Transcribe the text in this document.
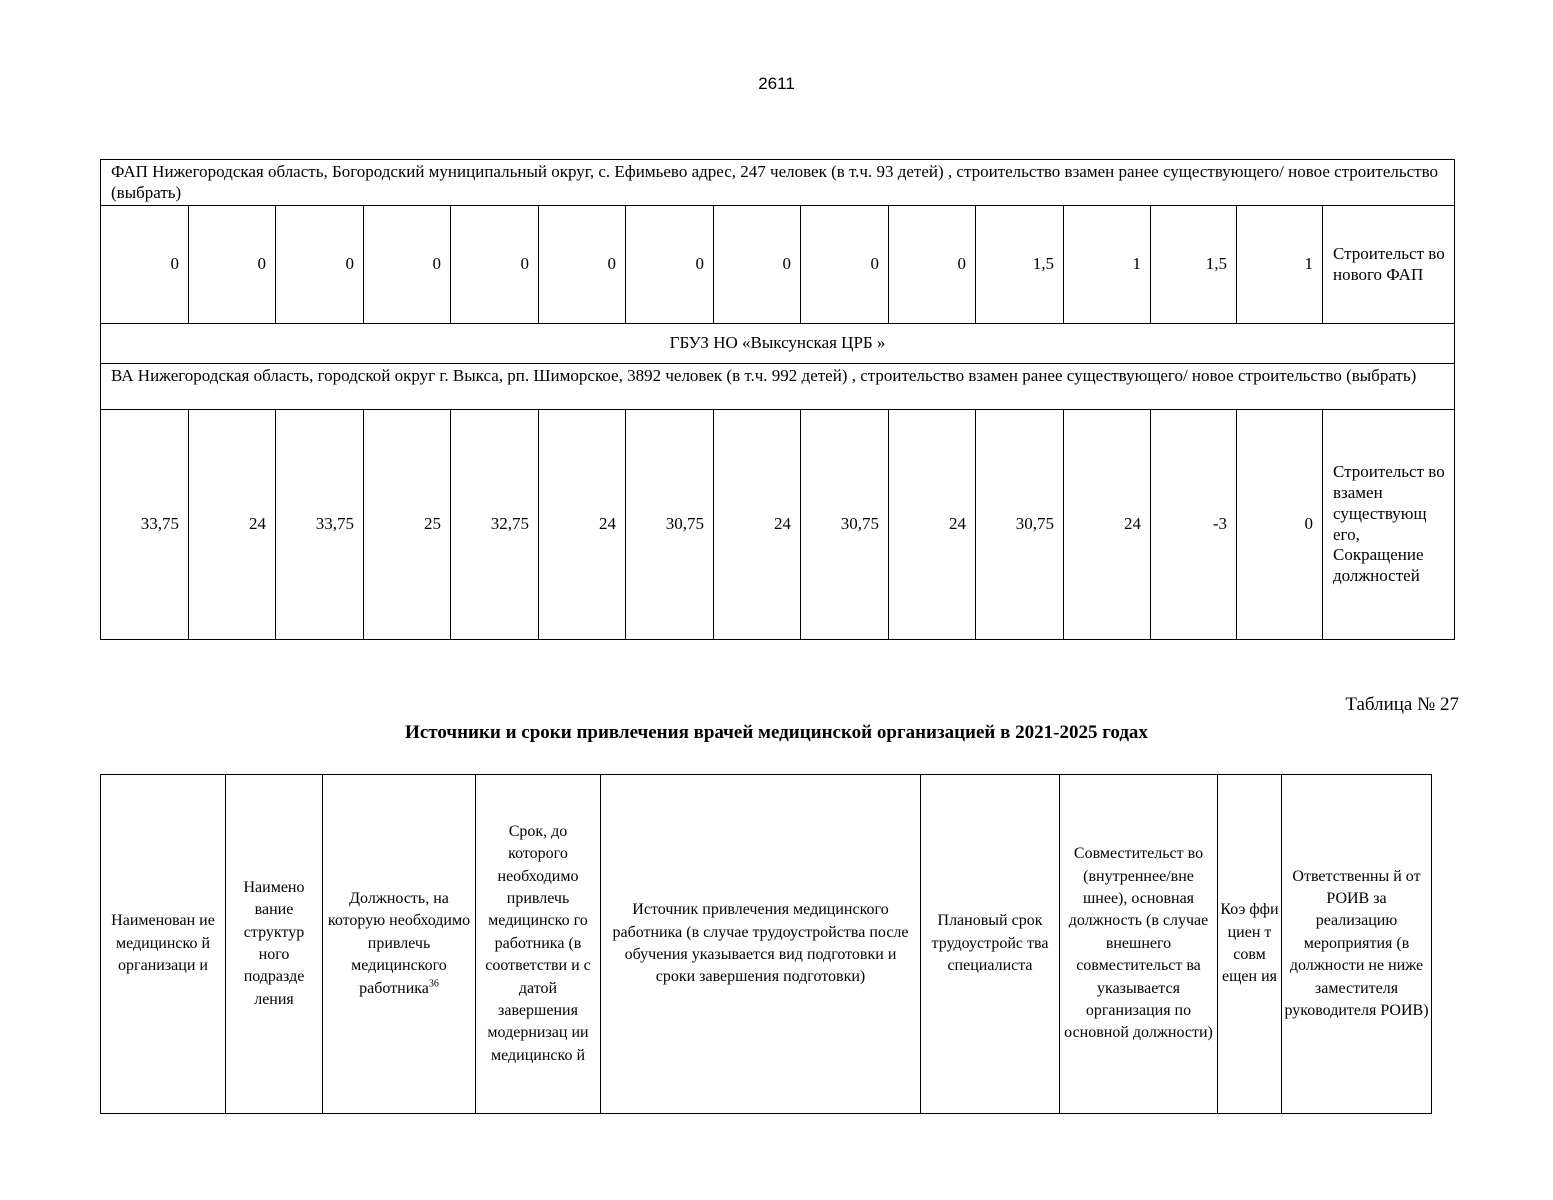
2611
ФАП Нижегородская область, Богородский муниципальный округ, с. Ефимьево адрес, 247 человек (в т.ч. 93 детей) , строительство взамен ранее существующего/ новое строительство (выбрать)														
0	0	0	0	0	0	0	0	0	0	1,5	1	1,5	1	Строительст во нового ФАП
ГБУЗ НО «Выксунская ЦРБ »														
ВА Нижегородская область, городской округ г. Выкса, рп. Шиморское, 3892 человек (в т.ч. 992 детей) , строительство взамен ранее существующего/ новое строительство (выбрать)														
33,75	24	33,75	25	32,75	24	30,75	24	30,75	24	30,75	24	-3	0	Строительст во взамен существующ его, Сокращение должностей
Таблица № 27
Источники и сроки привлечения врачей медицинской организацией в 2021-2025 годах
Наименован ие медицинско й организаци и	Наимено вание структур ного подразде ления	Должность, на которую необходимо привлечь медицинского работника$^{36}$	Срок, до которого необходимо привлечь медицинско го работника (в соответстви и с датой завершения модернизац ии медицинско й	Источник привлечения медицинского работника (в случае трудоустройства после обучения указывается вид подготовки и сроки завершения подготовки)	Плановый срок трудоустройс тва специалиста	Совместительст во (внутреннее/вне шнее), основная должность (в случае внешнего совместительст ва указывается организация по основной должности)	Коэ ффи циен т совм ещен ия	Ответственны й от РОИВ за реализацию мероприятия (в должности не ниже заместителя руководителя РОИВ)
